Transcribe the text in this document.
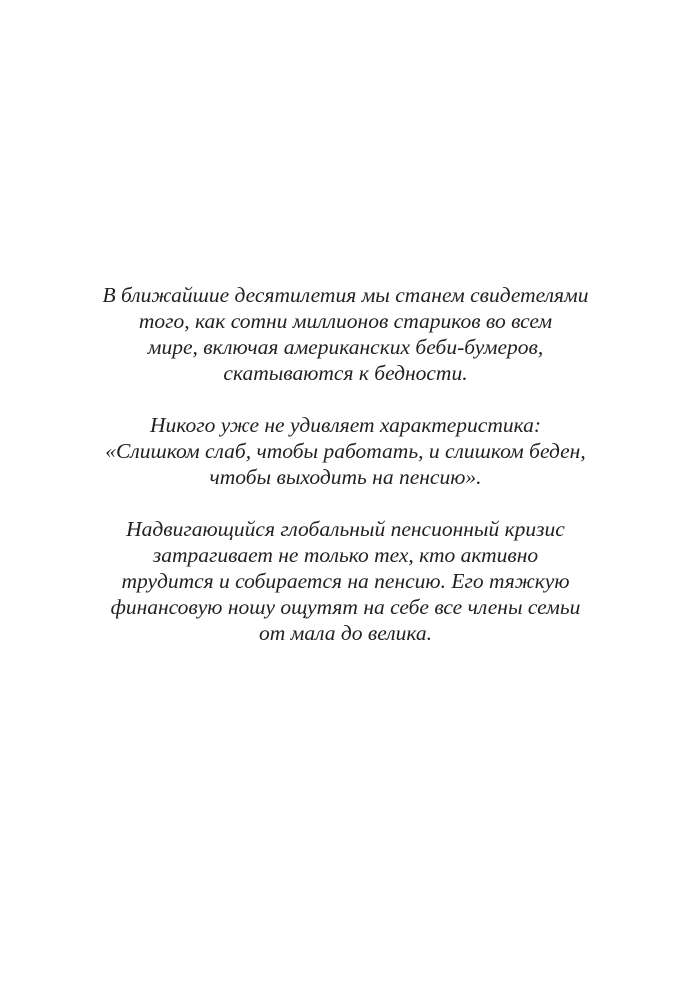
В ближайшие десятилетия мы станем свидетелями
того, как сотни миллионов стариков во всем
мире, включая американских беби-бумеров,
скатываются к бедности.

Никого уже не удивляет характеристика:
«Слишком слаб, чтобы работать, и слишком беден,
чтобы выходить на пенсию».

Надвигающийся глобальный пенсионный кризис
затрагивает не только тех, кто активно
трудится и собирается на пенсию. Его тяжкую
финансовую ношу ощутят на себе все члены семьи
от мала до велика.
